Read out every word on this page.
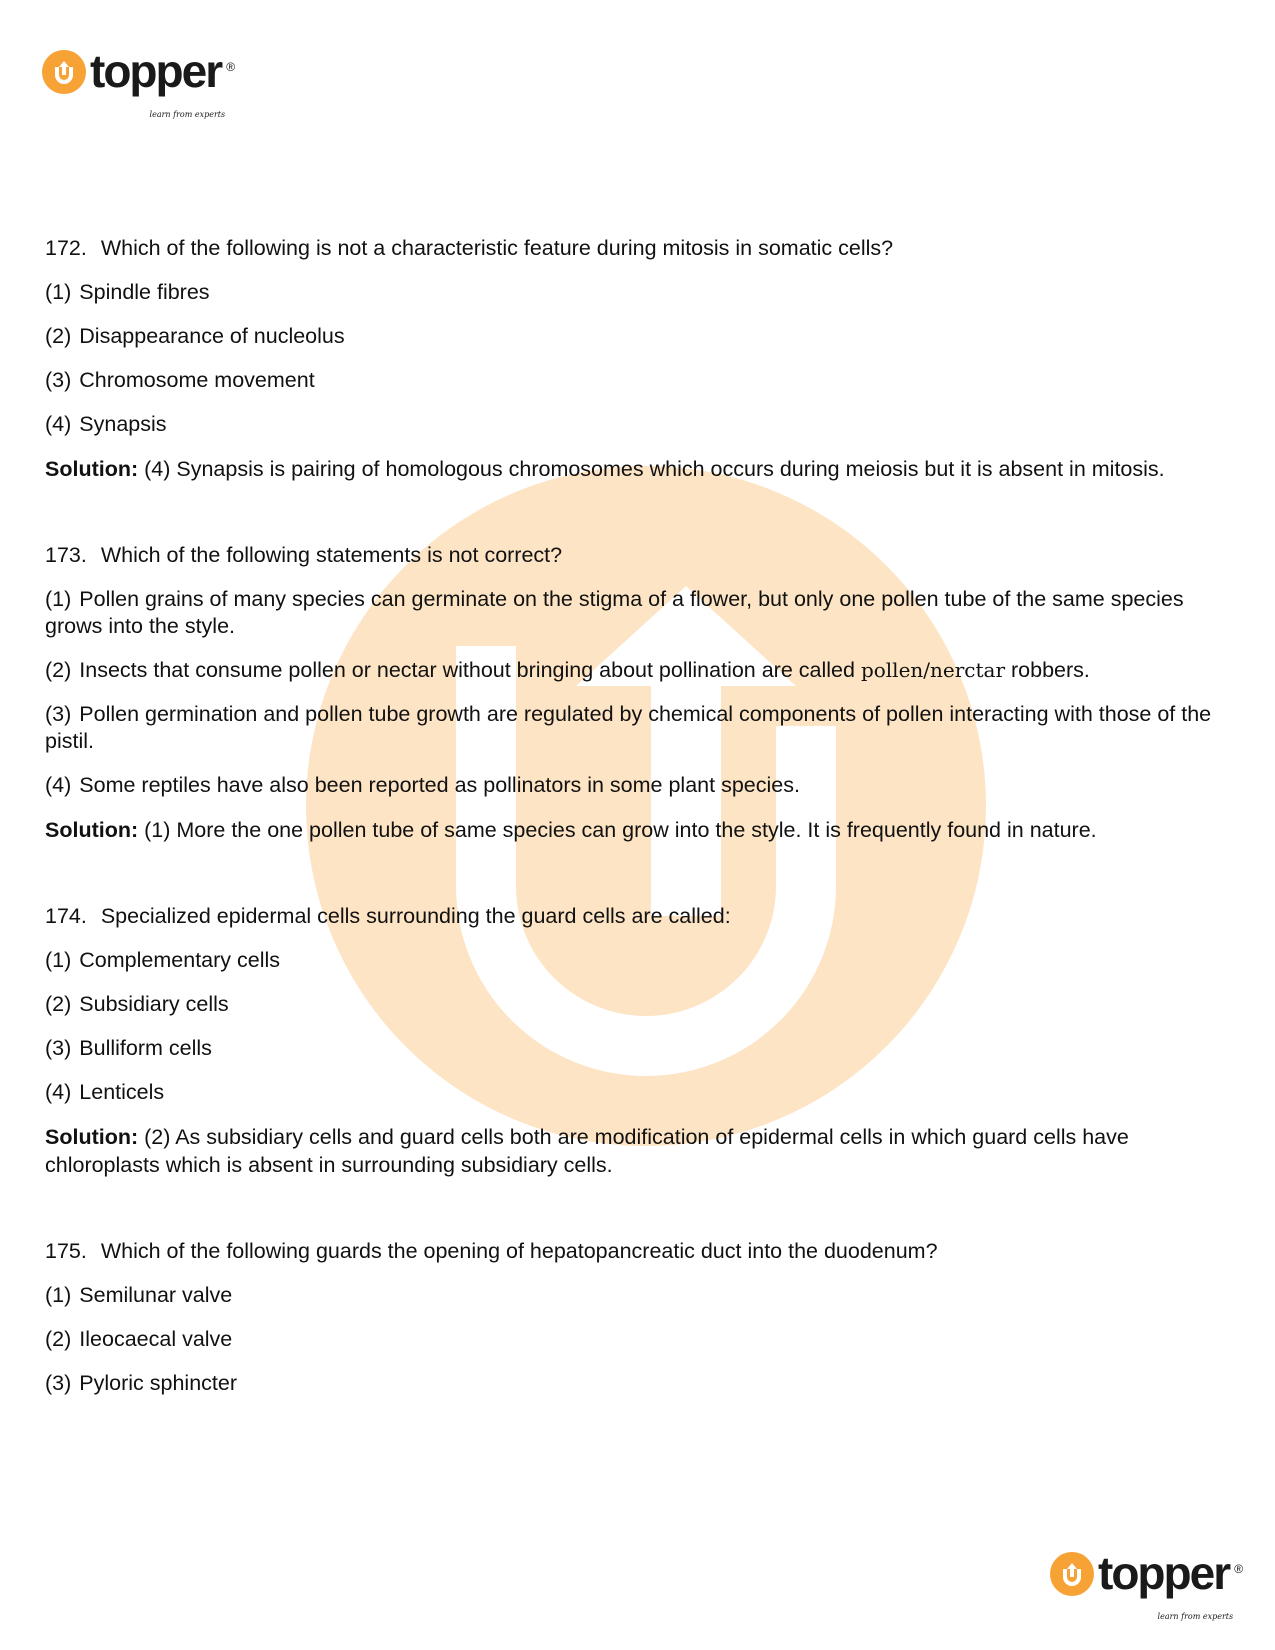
topper ®
learn from experts

172. Which of the following is not a characteristic feature during mitosis in somatic cells?

(1) Spindle fibres

(2) Disappearance of nucleolus

(3) Chromosome movement

(4) Synapsis

Solution: (4) Synapsis is pairing of homologous chromosomes which occurs during meiosis but it is absent in mitosis.

173. Which of the following statements is not correct?

(1) Pollen grains of many species can germinate on the stigma of a flower, but only one pollen tube of the same species grows into the style.

(2) Insects that consume pollen or nectar without bringing about pollination are called pollen/nerctar robbers.

(3) Pollen germination and pollen tube growth are regulated by chemical components of pollen interacting with those of the pistil.

(4) Some reptiles have also been reported as pollinators in some plant species.

Solution: (1) More the one pollen tube of same species can grow into the style. It is frequently found in nature.

174. Specialized epidermal cells surrounding the guard cells are called:

(1) Complementary cells

(2) Subsidiary cells

(3) Bulliform cells

(4) Lenticels

Solution: (2) As subsidiary cells and guard cells both are modification of epidermal cells in which guard cells have chloroplasts which is absent in surrounding subsidiary cells.

175. Which of the following guards the opening of hepatopancreatic duct into the duodenum?

(1) Semilunar valve

(2) Ileocaecal valve

(3) Pyloric sphincter

topper ®
learn from experts
